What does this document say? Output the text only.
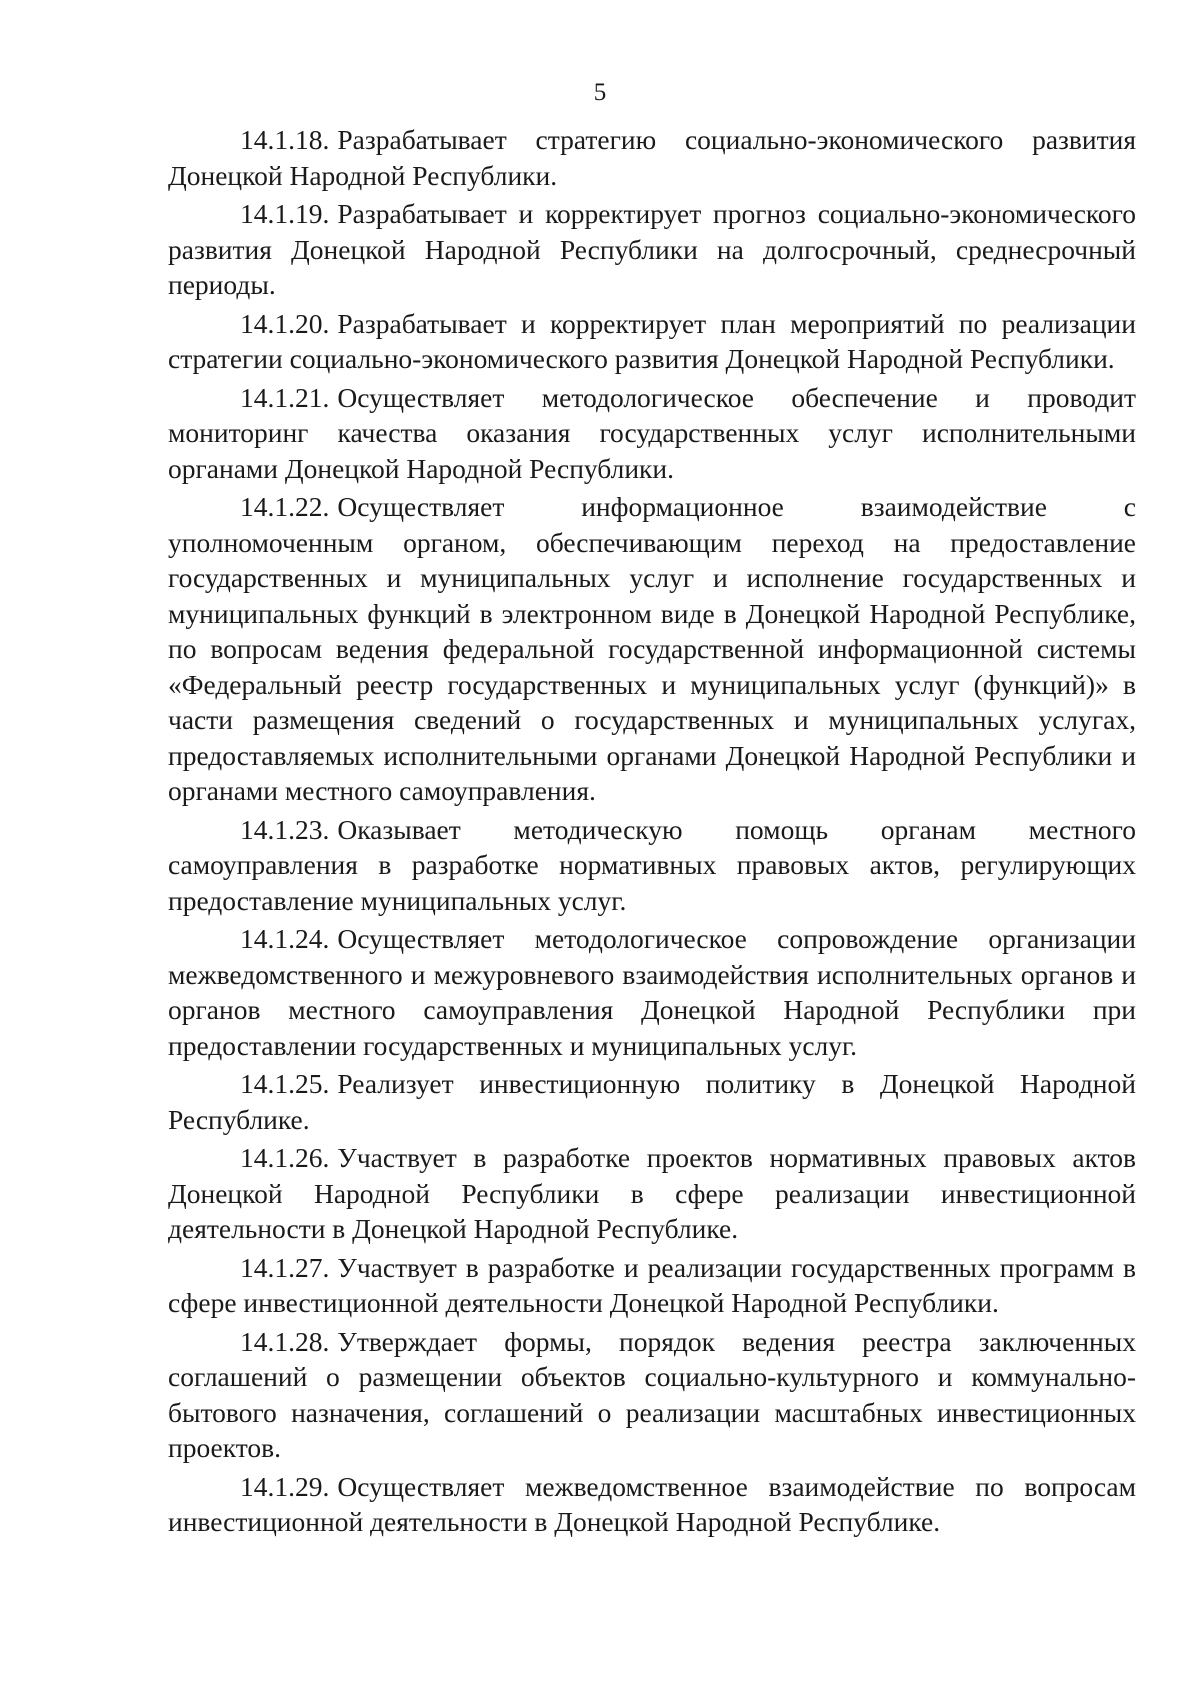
5

14.1.18. Разрабатывает стратегию социально-экономического развития Донецкой Народной Республики.

14.1.19. Разрабатывает и корректирует прогноз социально-экономического развития Донецкой Народной Республики на долгосрочный, среднесрочный периоды.

14.1.20. Разрабатывает и корректирует план мероприятий по реализации стратегии социально-экономического развития Донецкой Народной Республики.

14.1.21. Осуществляет методологическое обеспечение и проводит мониторинг качества оказания государственных услуг исполнительными органами Донецкой Народной Республики.

14.1.22. Осуществляет информационное взаимодействие с уполномоченным органом, обеспечивающим переход на предоставление государственных и муниципальных услуг и исполнение государственных и муниципальных функций в электронном виде в Донецкой Народной Республике, по вопросам ведения федеральной государственной информационной системы «Федеральный реестр государственных и муниципальных услуг (функций)» в части размещения сведений о государственных и муниципальных услугах, предоставляемых исполнительными органами Донецкой Народной Республики и органами местного самоуправления.

14.1.23. Оказывает методическую помощь органам местного самоуправления в разработке нормативных правовых актов, регулирующих предоставление муниципальных услуг.

14.1.24. Осуществляет методологическое сопровождение организации межведомственного и межуровневого взаимодействия исполнительных органов и органов местного самоуправления Донецкой Народной Республики при предоставлении государственных и муниципальных услуг.

14.1.25. Реализует инвестиционную политику в Донецкой Народной Республике.

14.1.26. Участвует в разработке проектов нормативных правовых актов Донецкой Народной Республики в сфере реализации инвестиционной деятельности в Донецкой Народной Республике.

14.1.27. Участвует в разработке и реализации государственных программ в сфере инвестиционной деятельности Донецкой Народной Республики.

14.1.28. Утверждает формы, порядок ведения реестра заключенных соглашений о размещении объектов социально-культурного и коммунально-бытового назначения, соглашений о реализации масштабных инвестиционных проектов.

14.1.29. Осуществляет межведомственное взаимодействие по вопросам инвестиционной деятельности в Донецкой Народной Республике.
